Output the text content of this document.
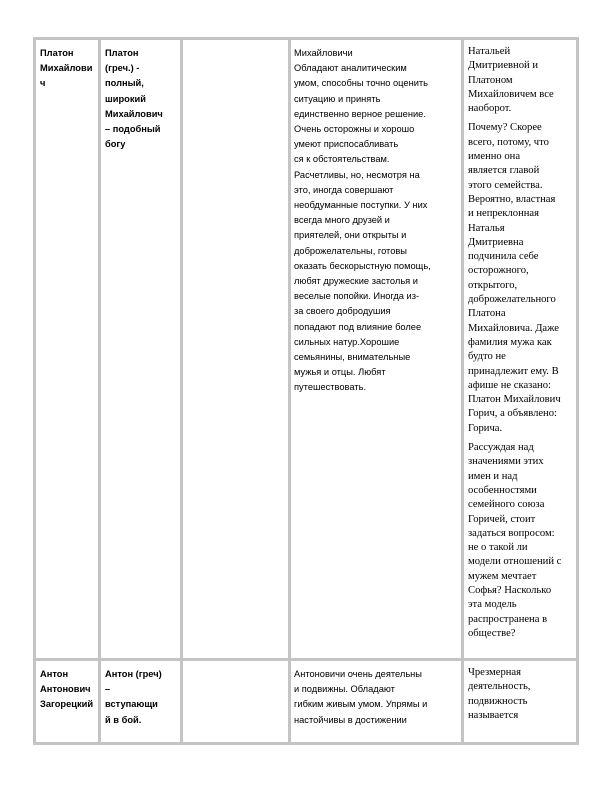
Платон
Михайлови
ч

Платон
(греч.) -
полный,
широкий
Михайлович
– подобный
богу

Михайловичи
Обладают аналитическим
умом, способны точно оценить
ситуацию и принять
единственно верное решение.
Очень осторожны и хорошо
умеют приспосабливать
ся к обстоятельствам.
Расчетливы, но, несмотря на
это, иногда совершают
необдуманные поступки. У них
всегда много друзей и
приятелей, они открыты и
доброжелательны, готовы
оказать бескорыстную помощь,
любят дружеские застолья и
веселые попойки. Иногда из-
за своего добродушия
попадают под влияние более
сильных натур.Хорошие
семьянины, внимательные
мужья и отцы. Любят
путешествовать.

Натальей
Дмитриевной и
Платоном
Михайловичем все
наоборот.

Почему? Скорее
всего, потому, что
именно она
является главой
этого семейства.
Вероятно, властная
и непреклонная
Наталья
Дмитриевна
подчинила себе
осторожного,
открытого,
доброжелательного
Платона
Михайловича. Даже
фамилия мужа как
будто не
принадлежит ему. В
афише не сказано:
Платон Михайлович
Горич, а объявлено:
Горича.

Рассуждая над
значениями этих
имен и над
особенностями
семейного союза
Горичей, стоит
задаться вопросом:
не о такой ли
модели отношений с
мужем мечтает
Софья? Насколько
эта модель
распространена в
обществе?

Антон
Антонович
Загорецкий

Антон (греч)
–
вступающи
й в бой.

Антоновичи очень деятельны
и подвижны. Обладают
гибким живым умом. Упрямы и
настойчивы в достижении

Чрезмерная
деятельность,
подвижность
называется
